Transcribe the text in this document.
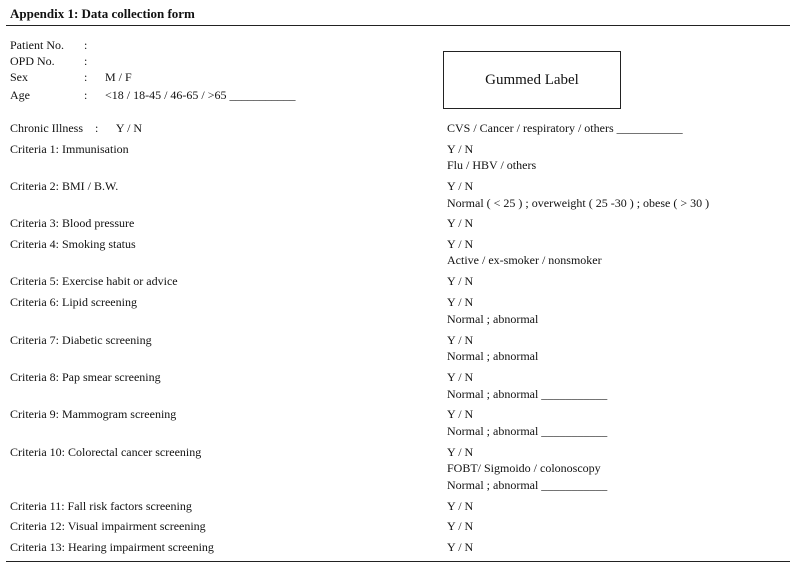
Appendix 1: Data collection form
Patient No. :
OPD No. :
Sex	: M / F
Age	: <18 / 18-45 / 46-65 / >65 ___________
Gummed Label
Chronic Illness    :      Y / N	CVS / Cancer / respiratory / others ___________
Criteria 1: Immunisation	Y / N
Flu / HBV / others
Criteria 2: BMI / B.W.	Y / N
Normal ( < 25 ) ; overweight ( 25 -30 ) ; obese ( > 30 )
Criteria 3: Blood pressure	Y / N
Criteria 4: Smoking status	Y / N
Active / ex-smoker / nonsmoker
Criteria 5: Exercise habit or advice	Y / N
Criteria 6: Lipid screening	Y / N
Normal ; abnormal
Criteria 7: Diabetic screening	Y / N
Normal ; abnormal
Criteria 8: Pap smear screening	Y / N
Normal ; abnormal ___________
Criteria 9: Mammogram screening	Y / N
Normal ; abnormal ___________
Criteria 10: Colorectal cancer screening	Y / N
FOBT/ Sigmoido / colonoscopy
Normal ; abnormal ___________
Criteria 11: Fall risk factors screening	Y / N
Criteria 12: Visual impairment screening	Y / N
Criteria 13: Hearing impairment screening	Y / N
